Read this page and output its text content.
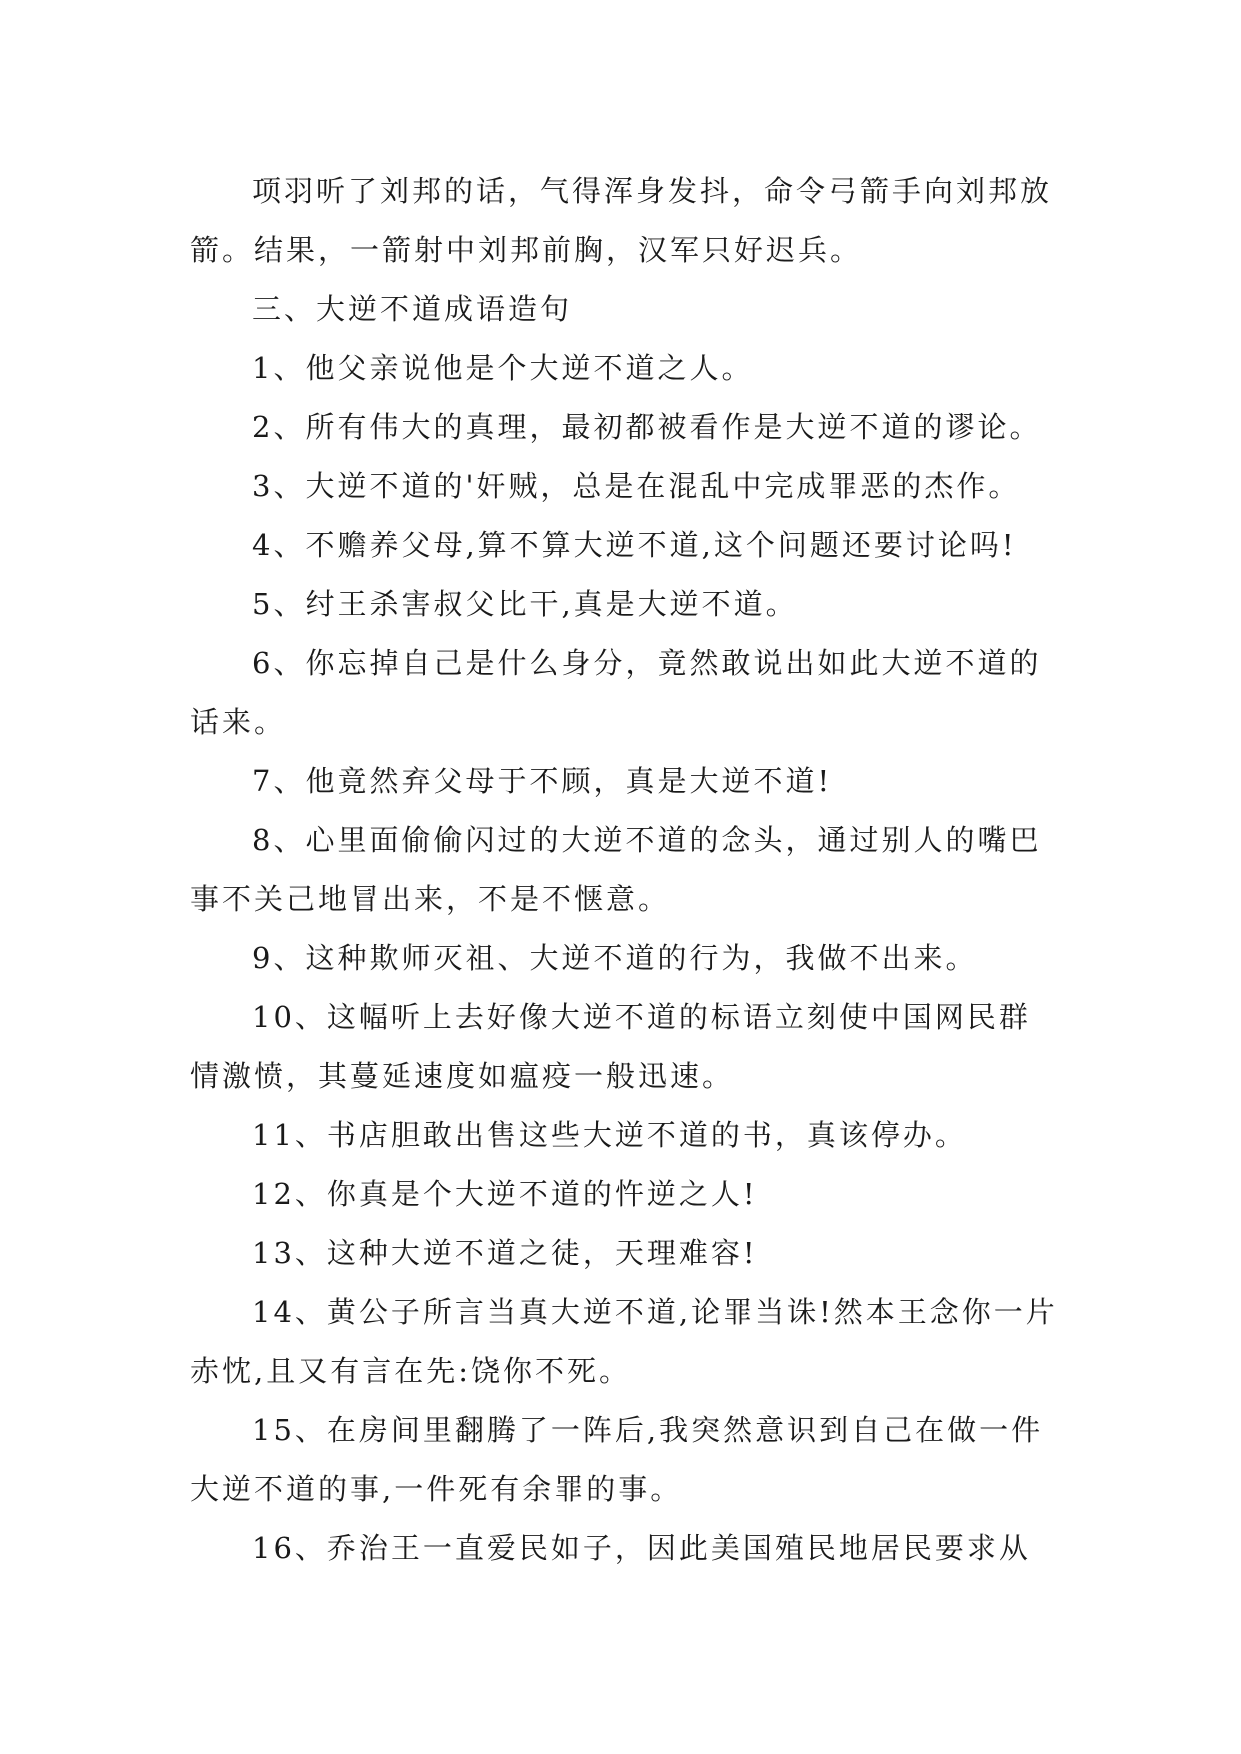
项羽听了刘邦的话，气得浑身发抖，命令弓箭手向刘邦放箭。结果，一箭射中刘邦前胸，汉军只好迟兵。

三、大逆不道成语造句

1、他父亲说他是个大逆不道之人。

2、所有伟大的真理，最初都被看作是大逆不道的谬论。

3、大逆不道的'奸贼，总是在混乱中完成罪恶的杰作。

4、不赡养父母,算不算大逆不道,这个问题还要讨论吗!

5、纣王杀害叔父比干,真是大逆不道。

6、你忘掉自己是什么身分，竟然敢说出如此大逆不道的话来。

7、他竟然弃父母于不顾，真是大逆不道!

8、心里面偷偷闪过的大逆不道的念头，通过别人的嘴巴事不关己地冒出来，不是不惬意。

9、这种欺师灭祖、大逆不道的行为，我做不出来。

10、这幅听上去好像大逆不道的标语立刻使中国网民群情激愤，其蔓延速度如瘟疫一般迅速。

11、书店胆敢出售这些大逆不道的书，真该停办。

12、你真是个大逆不道的忤逆之人!

13、这种大逆不道之徒，天理难容!

14、黄公子所言当真大逆不道,论罪当诛!然本王念你一片赤忱,且又有言在先:饶你不死。

15、在房间里翻腾了一阵后,我突然意识到自己在做一件大逆不道的事,一件死有余罪的事。

16、乔治王一直爱民如子，因此美国殖民地居民要求从
